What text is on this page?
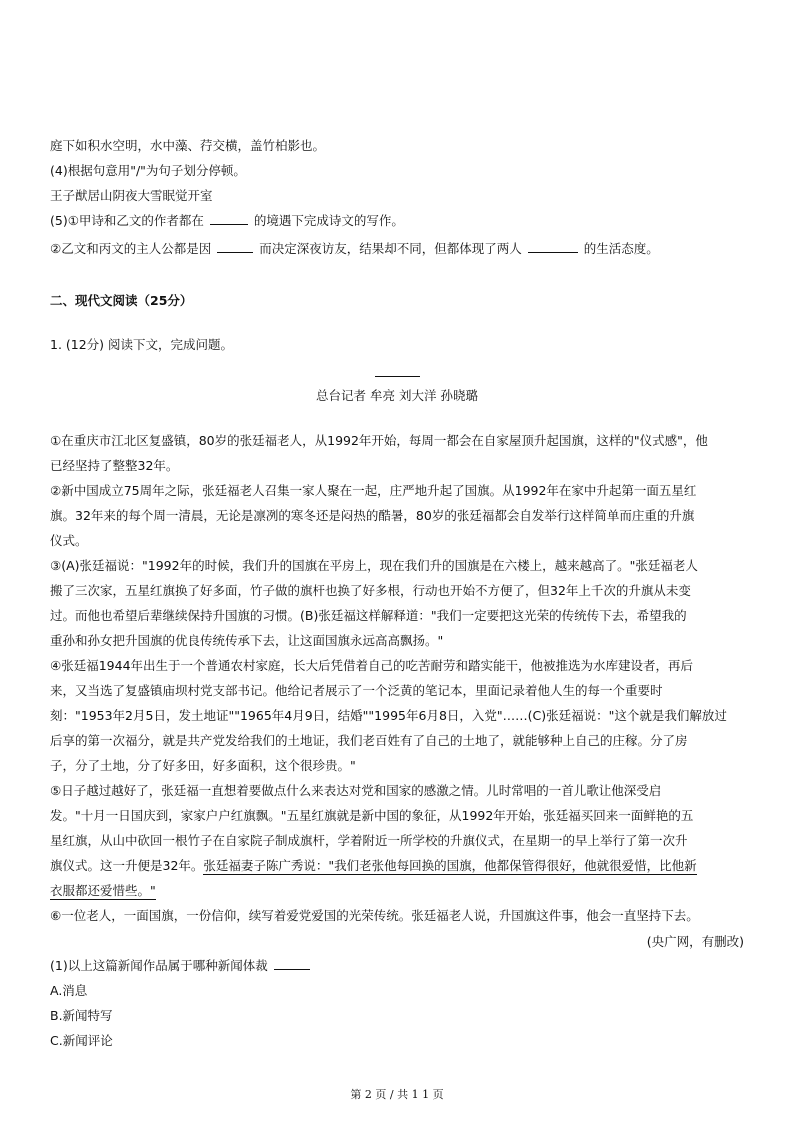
庭下如积水空明，水中藻、荇交横，盖竹柏影也。
(4)根据句意用"/"为句子划分停顿。
王子猷居山阴夜大雪眠觉开室
(5)①甲诗和乙文的作者都在	的境遇下完成诗文的写作。
②乙文和丙文的主人公都是因	而决定深夜访友，结果却不同，但都体现了两人	的生活态度。
二、现代文阅读（25分）
1. (12分) 阅读下文，完成问题。
总台记者 牟亮 刘大洋 孙晓璐
①在重庆市江北区复盛镇，80岁的张廷福老人，从1992年开始，每周一都会在自家屋顶升起国旗，这样的"仪式感"，他
已经坚持了整整32年。
②新中国成立75周年之际，张廷福老人召集一家人聚在一起，庄严地升起了国旗。从1992年在家中升起第一面五星红
旗。32年来的每个周一清晨，无论是凛冽的寒冬还是闷热的酷暑，80岁的张廷福都会自发举行这样简单而庄重的升旗
仪式。
③(A)张廷福说："1992年的时候，我们升的国旗在平房上，现在我们升的国旗是在六楼上，越来越高了。"张廷福老人
搬了三次家，五星红旗换了好多面，竹子做的旗杆也换了好多根，行动也开始不方便了，但32年上千次的升旗从未变
过。而他也希望后辈继续保持升国旗的习惯。(B)张廷福这样解释道："我们一定要把这光荣的传统传下去，希望我的
重孙和孙女把升国旗的优良传统传承下去，让这面国旗永远高高飘扬。"
④张廷福1944年出生于一个普通农村家庭，长大后凭借着自己的吃苦耐劳和踏实能干，他被推选为水库建设者，再后
来，又当选了复盛镇庙坝村党支部书记。他给记者展示了一个泛黄的笔记本，里面记录着他人生的每一个重要时
刻："1953年2月5日，发土地证""1965年4月9日，结婚""1995年6月8日，入党"……(C)张廷福说："这个就是我们解放过
后享的第一次福分，就是共产党发给我们的土地证，我们老百姓有了自己的土地了，就能够种上自己的庄稼。分了房
子，分了土地，分了好多田，好多面积，这个很珍贵。"
⑤日子越过越好了，张廷福一直想着要做点什么来表达对党和国家的感激之情。儿时常唱的一首儿歌让他深受启
发。"十月一日国庆到，家家户户红旗飘。"五星红旗就是新中国的象征，从1992年开始，张廷福买回来一面鲜艳的五
星红旗，从山中砍回一根竹子在自家院子制成旗杆，学着附近一所学校的升旗仪式，在星期一的早上举行了第一次升
旗仪式。这一升便是32年。张廷福妻子陈广秀说："我们老张他每回换的国旗，他都保管得很好，他就很爱惜，比他新
衣服都还爱惜些。"
⑥一位老人，一面国旗，一份信仰，续写着爱党爱国的光荣传统。张廷福老人说，升国旗这件事，他会一直坚持下去。
(央广网，有删改)
(1)以上这篇新闻作品属于哪种新闻体裁
A.消息
B.新闻特写
C.新闻评论
第 2 页 / 共 1 1 页
